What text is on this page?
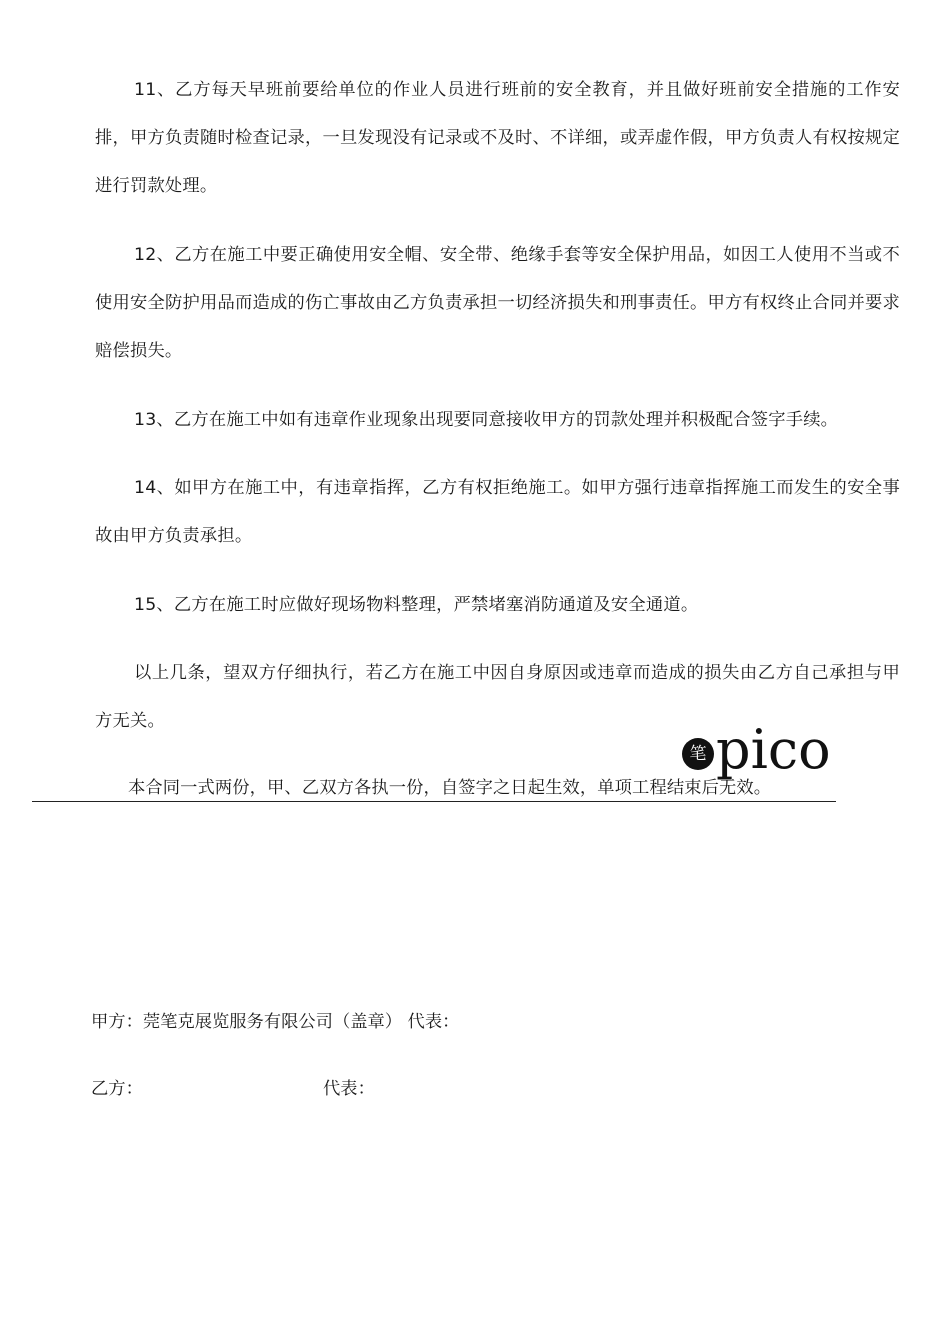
11、乙方每天早班前要给单位的作业人员进行班前的安全教育，并且做好班前安全措施的工作安排，甲方负责随时检查记录，一旦发现没有记录或不及时、不详细，或弄虚作假，甲方负责人有权按规定进行罚款处理。

12、乙方在施工中要正确使用安全帽、安全带、绝缘手套等安全保护用品，如因工人使用不当或不使用安全防护用品而造成的伤亡事故由乙方负责承担一切经济损失和刑事责任。甲方有权终止合同并要求赔偿损失。

13、乙方在施工中如有违章作业现象出现要同意接收甲方的罚款处理并积极配合签字手续。

14、如甲方在施工中，有违章指挥，乙方有权拒绝施工。如甲方强行违章指挥施工而发生的安全事故由甲方负责承担。

15、乙方在施工时应做好现场物料整理，严禁堵塞消防通道及安全通道。

以上几条，望双方仔细执行，若乙方在施工中因自身原因或违章而造成的损失由乙方自己承担与甲方无关。

本合同一式两份，甲、乙双方各执一份，自签字之日起生效，单项工程结束后无效。

笔 pico

甲方：莞笔克展览服务有限公司（盖章） 代表：

乙方：	代表：
